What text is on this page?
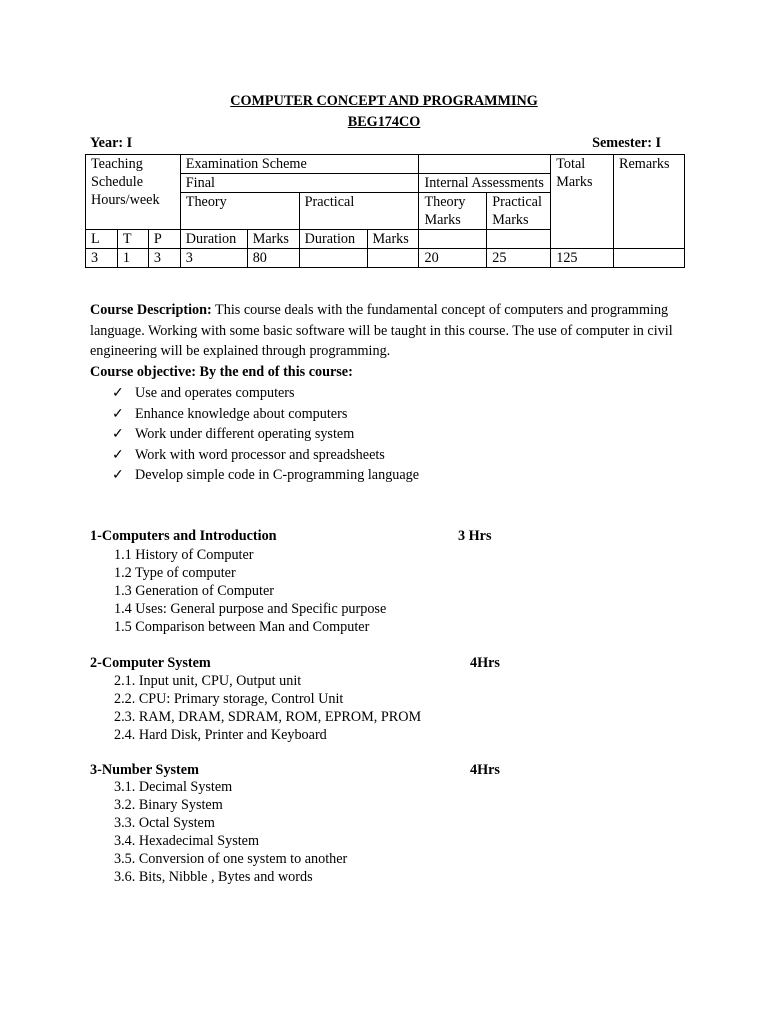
COMPUTER CONCEPT AND PROGRAMMING
BEG174CO
Year: I	Semester: I
Teaching Schedule Hours/week			Examination Scheme						Total Marks	Remarks
			Final				Internal Assessments			
			Theory		Practical		Theory Marks	Practical Marks		
L	T	P	Duration	Marks	Duration	Marks				
3	1	3	3	80			20	25	125	
Course Description: This course deals with the fundamental concept of computers and programming language. Working with some basic software will be taught in this course. The use of computer in civil engineering will be explained through programming.
Course objective: By the end of this course:
✓ Use and operates computers
✓ Enhance knowledge about computers
✓ Work under different operating system
✓ Work with word processor and spreadsheets
✓ Develop simple code in C-programming language
1-Computers and Introduction	3 Hrs
1.1 History of Computer
1.2 Type of computer
1.3 Generation of Computer
1.4 Uses: General purpose and Specific purpose
1.5 Comparison between Man and Computer
2-Computer System	4Hrs
2.1. Input unit, CPU, Output unit
2.2. CPU: Primary storage, Control Unit
2.3. RAM, DRAM, SDRAM, ROM, EPROM, PROM
2.4. Hard Disk, Printer and Keyboard
3-Number System	4Hrs
3.1. Decimal System
3.2. Binary System
3.3. Octal System
3.4. Hexadecimal System
3.5. Conversion of one system to another
3.6. Bits, Nibble , Bytes and words
